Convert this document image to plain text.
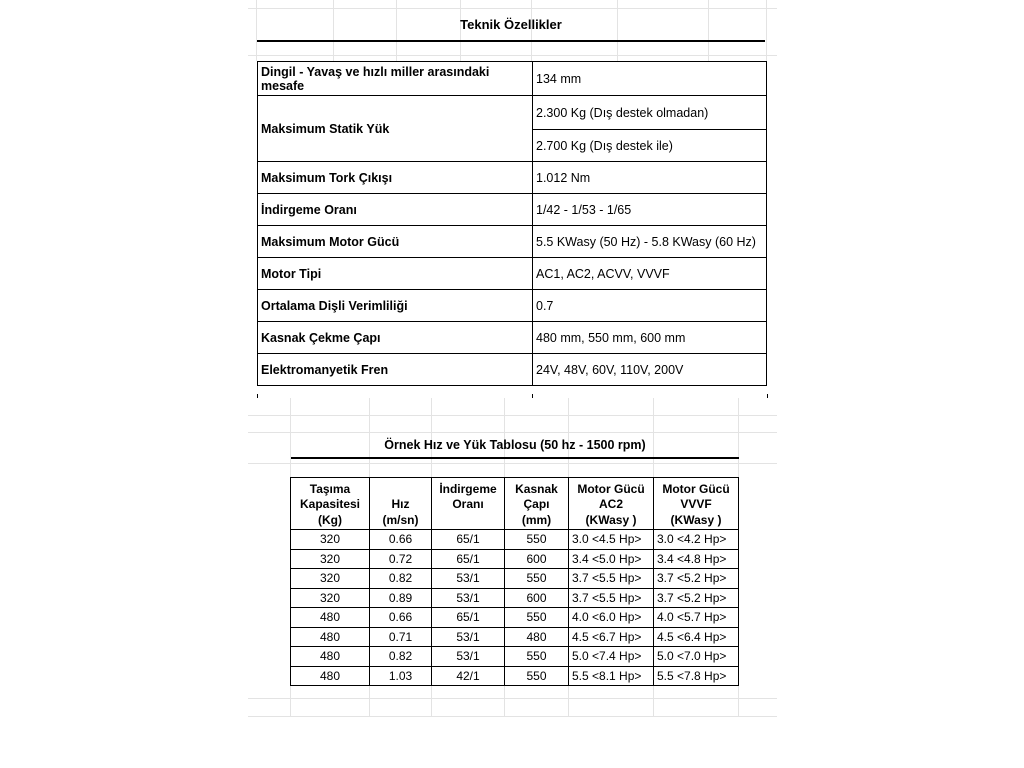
Teknik Özellikler
Dingil - Yavaş ve hızlı miller arasındaki mesafe	134 mm
Maksimum Statik Yük	2.300 Kg (Dış destek olmadan)
	2.700 Kg (Dış destek ile)
Maksimum Tork Çıkışı	1.012 Nm
İndirgeme Oranı	1/42 - 1/53 - 1/65
Maksimum Motor Gücü	5.5 KWasy (50 Hz) - 5.8 KWasy (60 Hz)
Motor Tipi	AC1, AC2, ACVV, VVVF
Ortalama Dişli Verimliliği	0.7
Kasnak Çekme Çapı	480 mm, 550 mm, 600 mm
Elektromanyetik Fren	24V, 48V, 60V, 110V, 200V
Örnek Hız ve Yük Tablosu (50 hz - 1500 rpm)
Taşıma Kapasitesi	Hız	İndirgeme Oranı	Kasnak Çapı	Motor Gücü AC2	Motor Gücü VVVF
(Kg)	(m/sn)		(mm)	(KWasy )	(KWasy )
320	0.66	65/1	550	3.0 <4.5 Hp>	3.0 <4.2 Hp>
320	0.72	65/1	600	3.4 <5.0 Hp>	3.4 <4.8 Hp>
320	0.82	53/1	550	3.7 <5.5 Hp>	3.7 <5.2 Hp>
320	0.89	53/1	600	3.7 <5.5 Hp>	3.7 <5.2 Hp>
480	0.66	65/1	550	4.0 <6.0 Hp>	4.0 <5.7 Hp>
480	0.71	53/1	480	4.5 <6.7 Hp>	4.5 <6.4 Hp>
480	0.82	53/1	550	5.0 <7.4 Hp>	5.0 <7.0 Hp>
480	1.03	42/1	550	5.5 <8.1 Hp>	5.5 <7.8 Hp>
